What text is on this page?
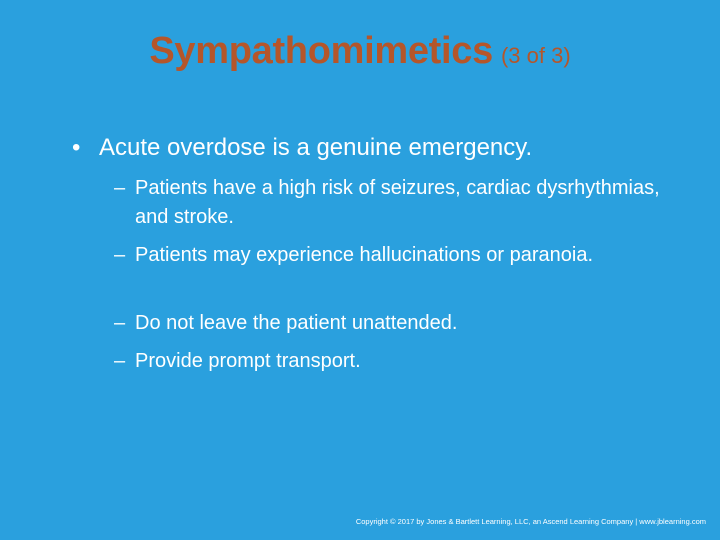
Sympathomimetics (3 of 3)
• Acute overdose is a genuine emergency.
– Patients have a high risk of seizures, cardiac dysrhythmias, and stroke.
– Patients may experience hallucinations or paranoia.
– Do not leave the patient unattended.
– Provide prompt transport.
Copyright © 2017 by Jones & Bartlett Learning, LLC, an Ascend Learning Company | www.jblearning.com
